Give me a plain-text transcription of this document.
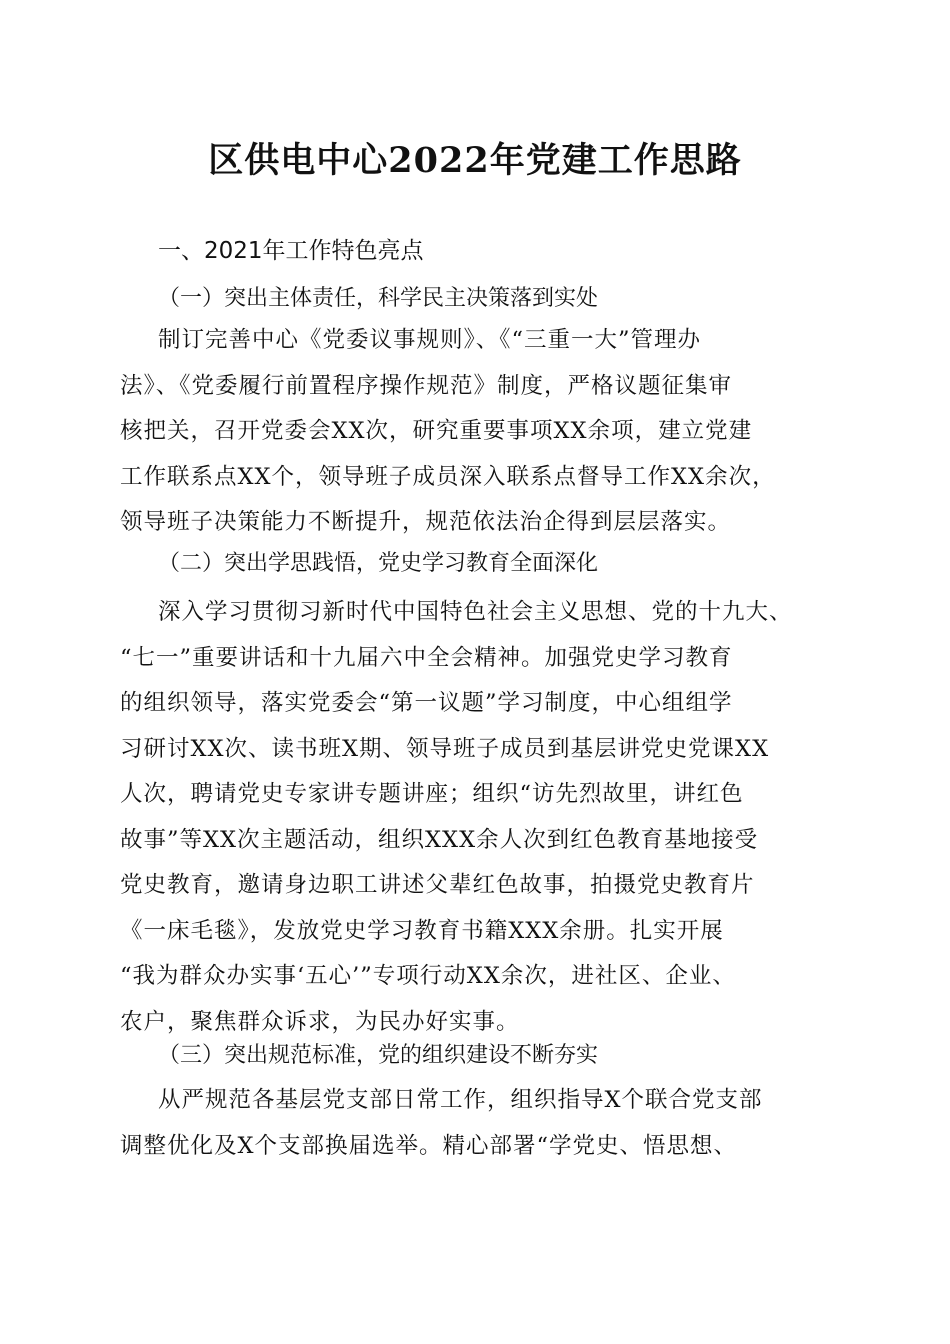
区供电中心2022年党建工作思路
一、2021年工作特色亮点
（一）突出主体责任，科学民主决策落到实处
制订完善中心《党委议事规则》、《“三重一大”管理办
法》、《党委履行前置程序操作规范》制度，严格议题征集审
核把关，召开党委会XX次，研究重要事项XX余项，建立党建
工作联系点XX个，领导班子成员深入联系点督导工作XX余次，
领导班子决策能力不断提升，规范依法治企得到层层落实。
（二）突出学思践悟，党史学习教育全面深化
深入学习贯彻习新时代中国特色社会主义思想、党的十九大、
“七一”重要讲话和十九届六中全会精神。加强党史学习教育
的组织领导，落实党委会“第一议题”学习制度，中心组组学
习研讨XX次、读书班X期、领导班子成员到基层讲党史党课XX
人次，聘请党史专家讲专题讲座；组织“访先烈故里，讲红色
故事”等XX次主题活动，组织XXX余人次到红色教育基地接受
党史教育，邀请身边职工讲述父辈红色故事，拍摄党史教育片
《一床毛毯》，发放党史学习教育书籍XXX余册。扎实开展
“我为群众办实事‘五心’”专项行动XX余次，进社区、企业、
农户，聚焦群众诉求，为民办好实事。
（三）突出规范标准，党的组织建设不断夯实
从严规范各基层党支部日常工作，组织指导X个联合党支部
调整优化及X个支部换届选举。精心部署“学党史、悟思想、
